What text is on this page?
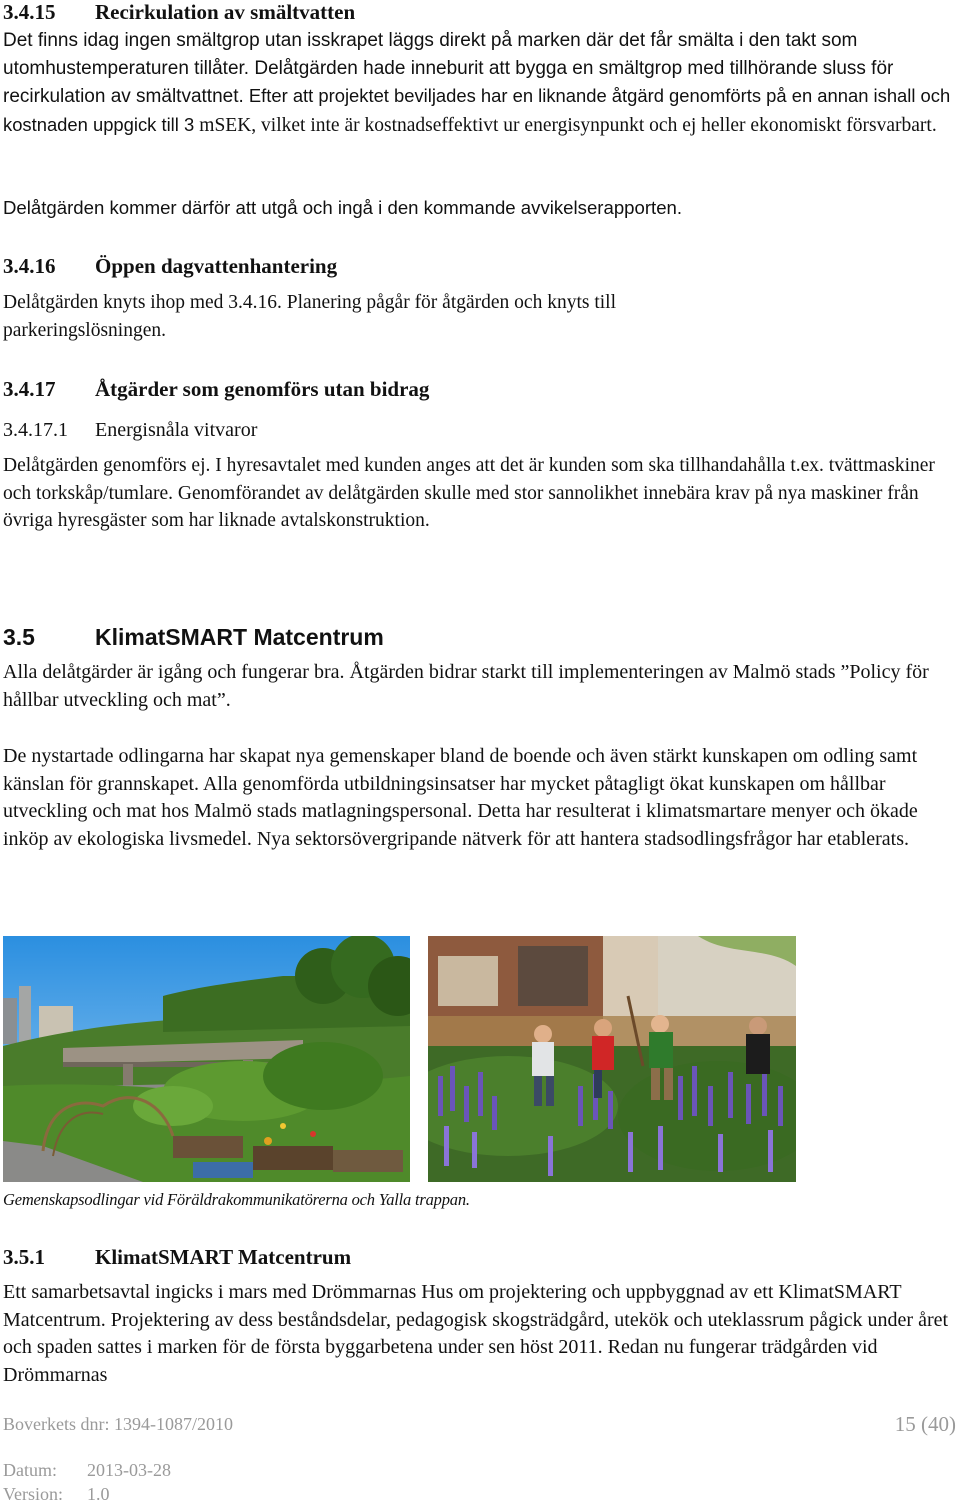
3.4.15 Recirkulation av smältvatten

Det finns idag ingen smältgrop utan isskrapet läggs direkt på marken där det får smälta i den takt som utomhustemperaturen tillåter. Delåtgärden hade inneburit att bygga en smältgrop med tillhörande sluss för recirkulation av smältvattnet. Efter att projektet beviljades har en liknande åtgärd genomförts på en annan ishall och kostnaden uppgick till 3 mSEK, vilket inte är kostnadseffektivt ur energisynpunkt och ej heller ekonomiskt försvarbart.

Delåtgärden kommer därför att utgå och ingå i den kommande avvikelserapporten.

3.4.16 Öppen dagvattenhantering

Delåtgärden knyts ihop med 3.4.16. Planering pågår för åtgärden och knyts till parkeringslösningen.

3.4.17 Åtgärder som genomförs utan bidrag
3.4.17.1 Energisnåla vitvaror

Delåtgärden genomförs ej. I hyresavtalet med kunden anges att det är kunden som ska tillhandahålla t.ex. tvättmaskiner och torkskåp/tumlare. Genomförandet av delåtgärden skulle med stor sannolikhet innebära krav på nya maskiner från övriga hyresgäster som har liknade avtalskonstruktion.

3.5	KlimatSMART Matcentrum

Alla delåtgärder är igång och fungerar bra. Åtgärden bidrar starkt till implementeringen av Malmö stads ”Policy för hållbar utveckling och mat”.

De nystartade odlingarna har skapat nya gemenskaper bland de boende och även stärkt kunskapen om odling samt känslan för grannskapet. Alla genomförda utbildningsinsatser har mycket påtagligt ökat kunskapen om hållbar utveckling och mat hos Malmö stads matlagningspersonal. Detta har resulterat i klimatsmartare menyer och ökade inköp av ekologiska livsmedel. Nya sektorsövergripande nätverk för att hantera stadsodlingsfrågor har etablerats.

Gemenskapsodlingar vid Föräldrakommunikatörerna och Yalla trappan.
3.5.1 KlimatSMART Matcentrum

Ett samarbetsavtal ingicks i mars med Drömmarnas Hus om projektering och uppbyggnad av ett KlimatSMART Matcentrum. Projektering av dess beståndsdelar, pedagogisk skogsträdgård, utekök och uteklassrum pågick under året och spaden sattes i marken för de första byggarbetena under sen höst 2011. Redan nu fungerar trädgården vid Drömmarnas

Boverkets dnr: 1394-1087/2010	15 (40)
Datum: 2013-03-28
Version: 1.0
